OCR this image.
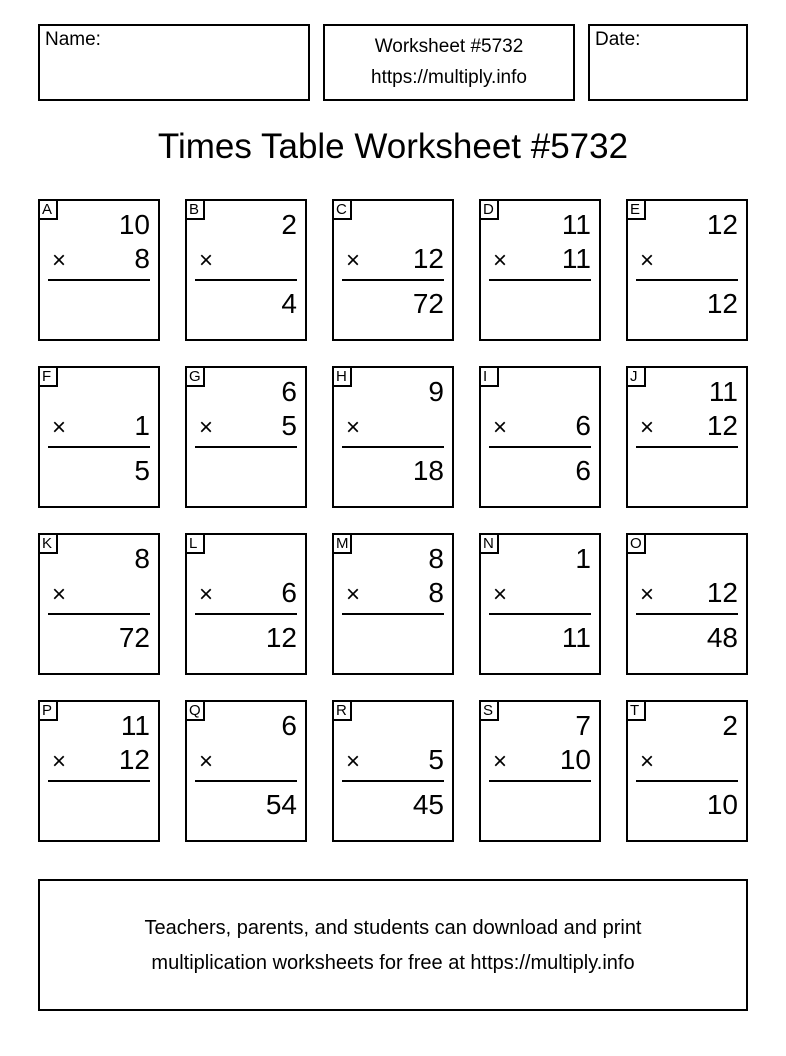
Name:	Worksheet #5732
https://multiply.info
Date:
Times Table Worksheet #5732
A 10
× 8
B	2
×
4
C
× 12
72
D 11
× 11
E 12
×
12
F
× 1
5
G	6
× 5
H	9
×
18
I
× 6
6
J	11
× 12
K	8
×
72
L
× 6
12
M	8
× 8
N	1
×
11
O
× 12
48
P 11
× 12
Q	6
×
54
R
× 5
45
S	7
× 10
T	2
×
10
Teachers, parents, and students can download and print
multiplication worksheets for free at https://multiply.info
